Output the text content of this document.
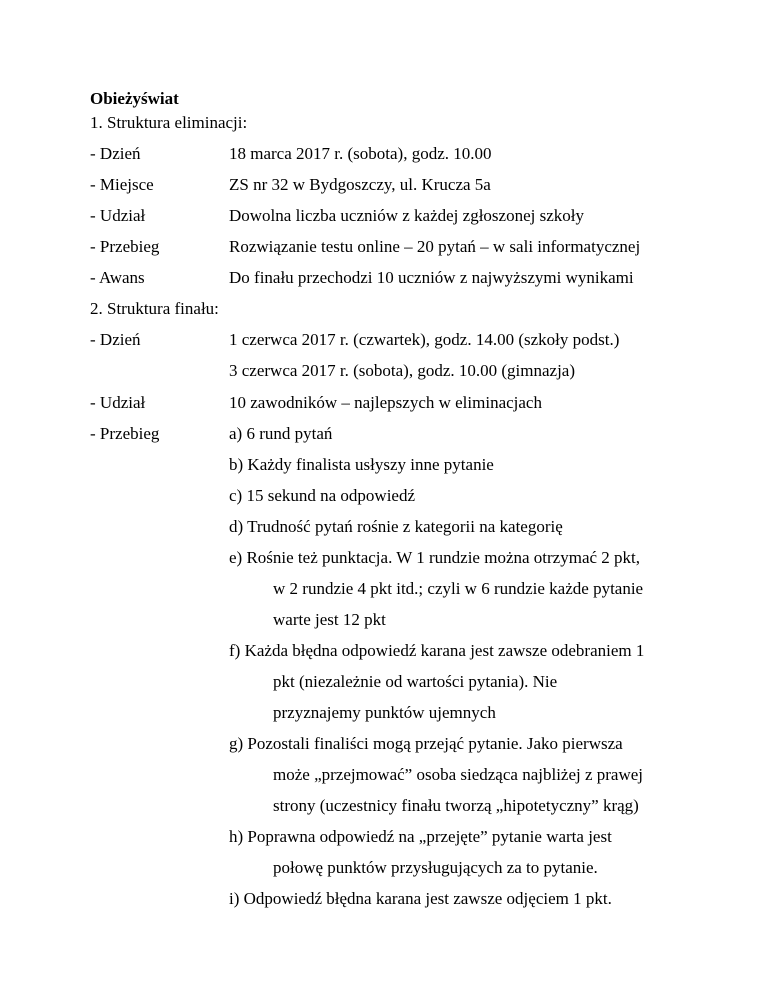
Obieżyświat
1. Struktura eliminacji:
- Dzień	18 marca 2017 r. (sobota), godz. 10.00
- Miejsce	ZS nr 32 w Bydgoszczy, ul. Krucza 5a
- Udział	Dowolna liczba uczniów z każdej zgłoszonej szkoły
- Przebieg	Rozwiązanie testu online – 20 pytań – w sali informatycznej
- Awans	Do finału przechodzi 10 uczniów z najwyższymi wynikami
2. Struktura finału:
- Dzień	1 czerwca 2017 r. (czwartek), godz. 14.00 (szkoły podst.)
3 czerwca 2017 r. (sobota), godz. 10.00 (gimnazja)
- Udział	10 zawodników – najlepszych w eliminacjach
- Przebieg	a) 6 rund pytań
b) Każdy finalista usłyszy inne pytanie
c) 15 sekund na odpowiedź
d) Trudność pytań rośnie z kategorii na kategorię
e) Rośnie też punktacja. W 1 rundzie można otrzymać 2 pkt,
w 2 rundzie 4 pkt itd.; czyli w 6 rundzie każde pytanie
warte jest 12 pkt
f) Każda błędna odpowiedź karana jest zawsze odebraniem 1
pkt (niezależnie od wartości pytania). Nie
przyznajemy punktów ujemnych
g) Pozostali finaliści mogą przejąć pytanie. Jako pierwsza
może „przejmować” osoba siedząca najbliżej z prawej
strony (uczestnicy finału tworzą „hipotetyczny” krąg)
h) Poprawna odpowiedź na „przejęte” pytanie warta jest
połowę punktów przysługujących za to pytanie.
i) Odpowiedź błędna karana jest zawsze odjęciem 1 pkt.
